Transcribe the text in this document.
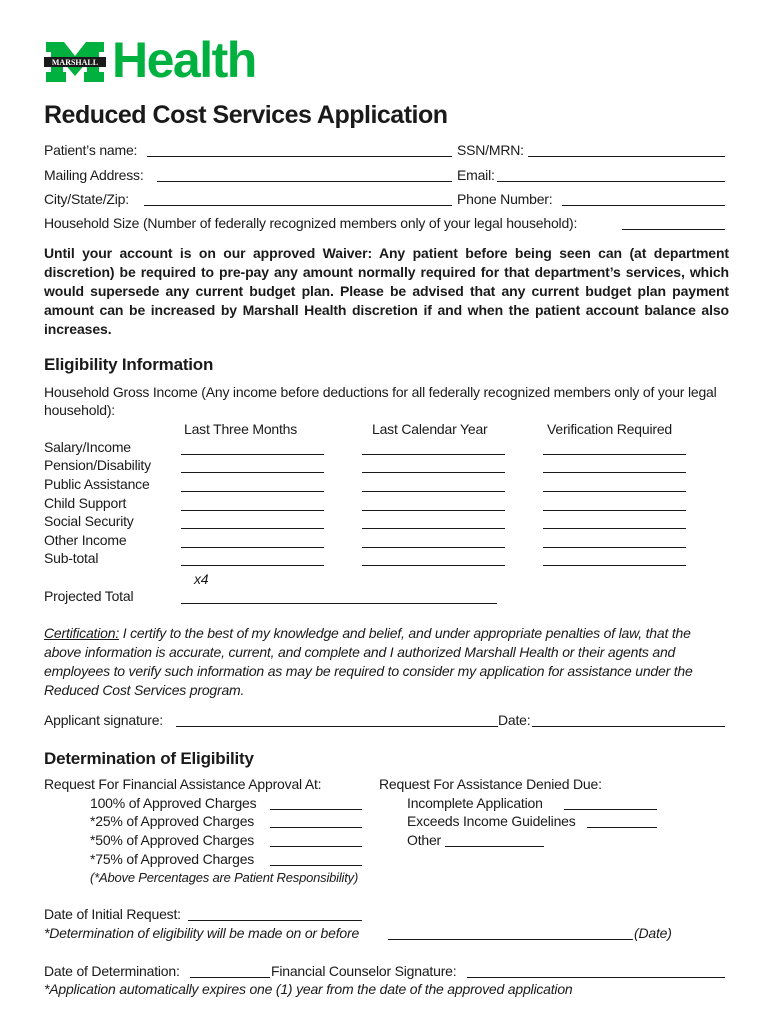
MARSHALL Health
Reduced Cost Services Application
Patient’s name:	SSN/MRN:
Mailing Address:	Email:
City/State/Zip:	Phone Number:
Household Size (Number of federally recognized members only of your legal household):
Until your account is on our approved Waiver: Any patient before being seen can (at department discretion) be required to pre-pay any amount normally required for that department’s services, which would supersede any current budget plan. Please be advised that any current budget plan payment amount can be increased by Marshall Health discretion if and when the patient account balance also increases.
Eligibility Information
Household Gross Income (Any income before deductions for all federally recognized members only of your legal household):
Last Three Months	Last Calendar Year	Verification Required
Salary/Income
Pension/Disability
Public Assistance
Child Support
Social Security
Other Income
Sub-total
x4
Projected Total
Certification: I certify to the best of my knowledge and belief, and under appropriate penalties of law, that the above information is accurate, current, and complete and I authorized Marshall Health or their agents and employees to verify such information as may be required to consider my application for assistance under the Reduced Cost Services program.
Applicant signature:	Date:
Determination of Eligibility
Request For Financial Assistance Approval At:
100% of Approved Charges
*25% of Approved Charges
*50% of Approved Charges
*75% of Approved Charges
(*Above Percentages are Patient Responsibility)
Request For Assistance Denied Due:
Incomplete Application
Exceeds Income Guidelines
Other
Date of Initial Request:
*Determination of eligibility will be made on or before	(Date)
Date of Determination:	Financial Counselor Signature:
*Application automatically expires one (1) year from the date of the approved application
